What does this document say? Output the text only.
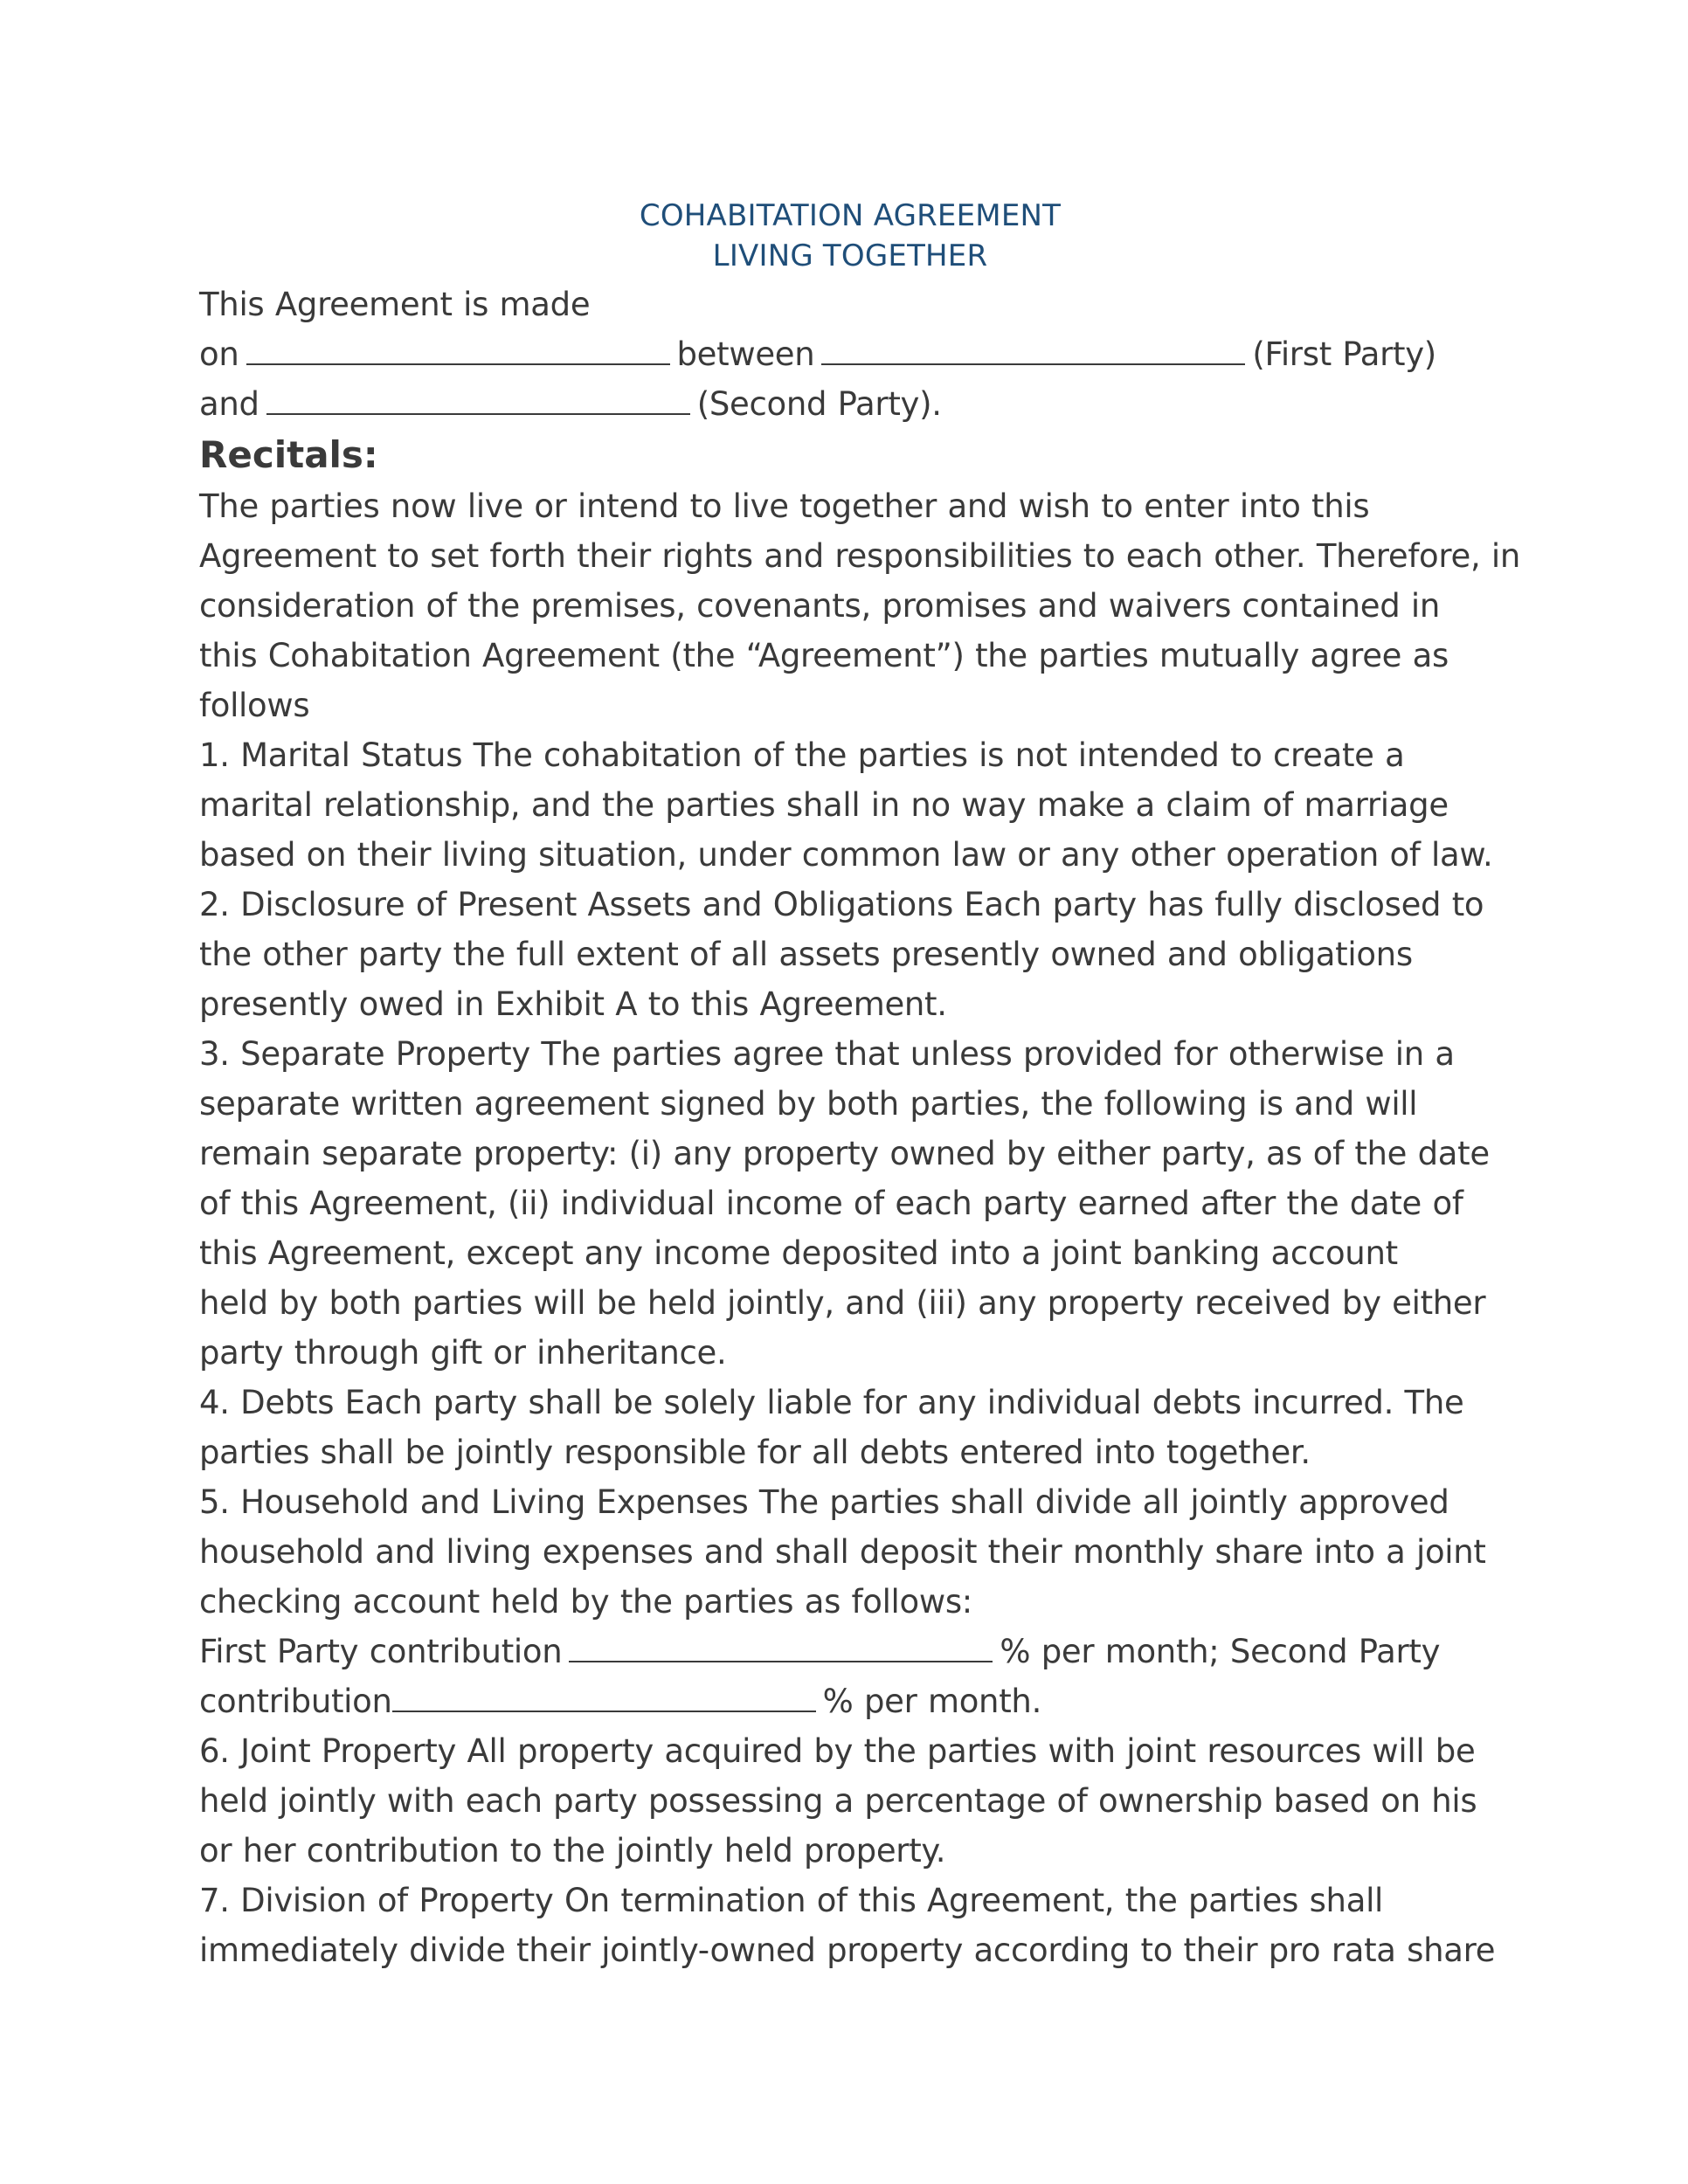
COHABITATION AGREEMENT
LIVING TOGETHER
This Agreement is made
on	between	(First Party)
and	(Second Party).
Recitals:
The parties now live or intend to live together and wish to enter into this
Agreement to set forth their rights and responsibilities to each other. Therefore, in
consideration of the premises, covenants, promises and waivers contained in
this Cohabitation Agreement (the “Agreement”) the parties mutually agree as
follows
1. Marital Status The cohabitation of the parties is not intended to create a
marital relationship, and the parties shall in no way make a claim of marriage
based on their living situation, under common law or any other operation of law.
2. Disclosure of Present Assets and Obligations Each party has fully disclosed to
the other party the full extent of all assets presently owned and obligations
presently owed in Exhibit A to this Agreement.
3. Separate Property The parties agree that unless provided for otherwise in a
separate written agreement signed by both parties, the following is and will
remain separate property: (i) any property owned by either party, as of the date
of this Agreement, (ii) individual income of each party earned after the date of
this Agreement, except any income deposited into a joint banking account
held by both parties will be held jointly, and (iii) any property received by either
party through gift or inheritance.
4. Debts Each party shall be solely liable for any individual debts incurred. The
parties shall be jointly responsible for all debts entered into together.
5. Household and Living Expenses The parties shall divide all jointly approved
household and living expenses and shall deposit their monthly share into a joint
checking account held by the parties as follows:
First Party contribution	% per month; Second Party
contribution	% per month.
6. Joint Property All property acquired by the parties with joint resources will be
held jointly with each party possessing a percentage of ownership based on his
or her contribution to the jointly held property.
7. Division of Property On termination of this Agreement, the parties shall
immediately divide their jointly-owned property according to their pro rata share
